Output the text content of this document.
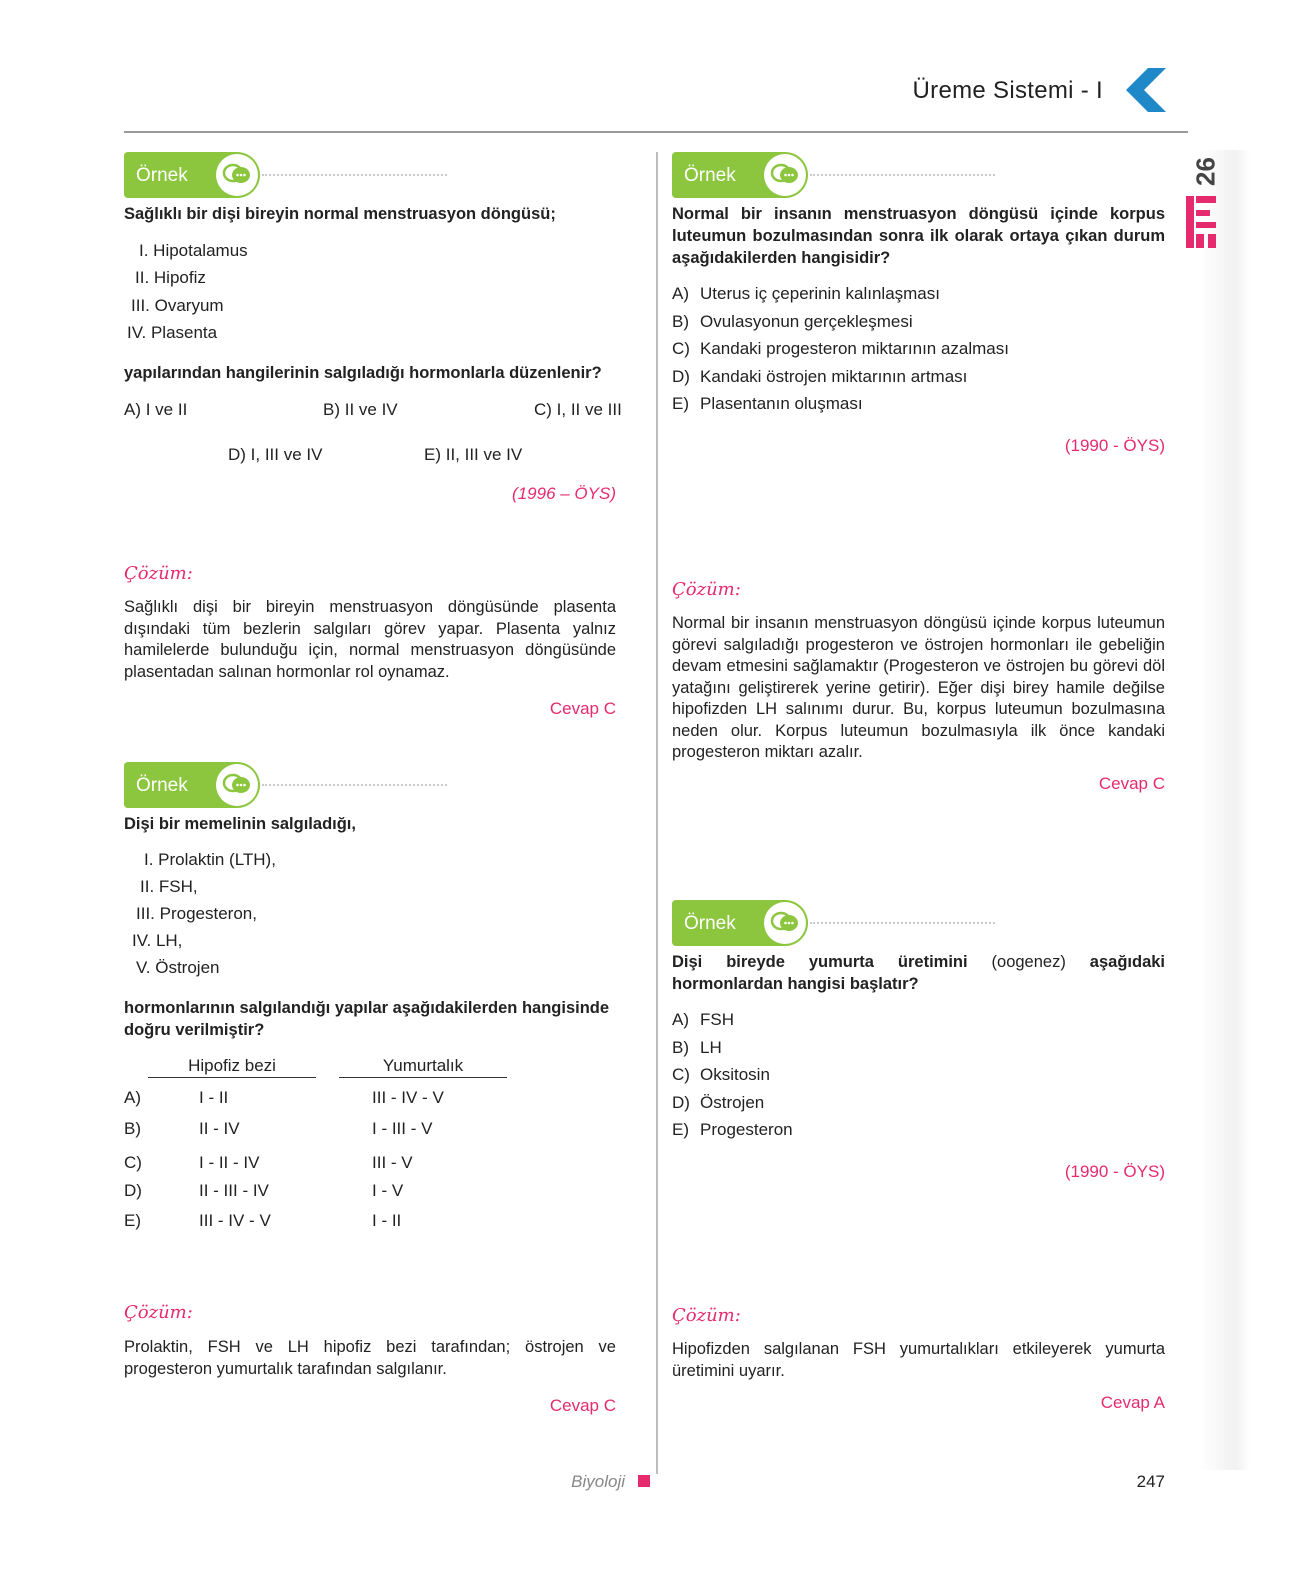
Üreme Sistemi - I
26
Örnek
Sağlıklı bir dişi bireyin normal menstruasyon döngüsü;
I. Hipotalamus
II. Hipofiz
III. Ovaryum
IV. Plasenta
yapılarından hangilerinin salgıladığı hormonlarla düzenlenir?
A) I ve II	B) II ve IV	C) I, II ve III
D) I, III ve IV	E) II, III ve IV
(1996 – ÖYS)
Çözüm:
Sağlıklı dişi bir bireyin menstruasyon döngüsünde plasenta dışındaki tüm bezlerin salgıları görev yapar. Plasenta yalnız hamilelerde bulunduğu için, normal menstruasyon döngüsünde plasentadan salınan hormonlar rol oynamaz.
Cevap C
Örnek
Dişi bir memelinin salgıladığı,
I. Prolaktin (LTH),
II. FSH,
III. Progesteron,
IV. LH,
V. Östrojen
hormonlarının salgılandığı yapılar aşağıdakilerden hangisinde doğru verilmiştir?
Hipofiz bezi	Yumurtalık
A)	I - II	III - IV - V
B)	II - IV	I - III - V
C)	I - II - IV	III - V
D)	II - III - IV	I - V
E)	III - IV - V	I - II
Çözüm:
Prolaktin, FSH ve LH hipofiz bezi tarafından; östrojen ve progesteron yumurtalık tarafından salgılanır.
Cevap C
Örnek
Normal bir insanın menstruasyon döngüsü içinde korpus luteumun bozulmasından sonra ilk olarak ortaya çıkan durum aşağıdakilerden hangisidir?
A) Uterus iç çeperinin kalınlaşması
B) Ovulasyonun gerçekleşmesi
C) Kandaki progesteron miktarının azalması
D) Kandaki östrojen miktarının artması
E) Plasentanın oluşması
(1990 - ÖYS)
Çözüm:
Normal bir insanın menstruasyon döngüsü içinde korpus luteumun görevi salgıladığı progesteron ve östrojen hormonları ile gebeliğin devam etmesini sağlamaktır (Progesteron ve östrojen bu görevi döl yatağını geliştirerek yerine getirir). Eğer dişi birey hamile değilse hipofizden LH salınımı durur. Bu, korpus luteumun bozulmasına neden olur. Korpus luteumun bozulmasıyla ilk önce kandaki progesteron miktarı azalır.
Cevap C
Örnek
Dişi bireyde yumurta üretimini (oogenez) aşağıdaki hormonlardan hangisi başlatır?
A) FSH
B) LH
C) Oksitosin
D) Östrojen
E) Progesteron
(1990 - ÖYS)
Çözüm:
Hipofizden salgılanan FSH yumurtalıkları etkileyerek yumurta üretimini uyarır.
Cevap A
Biyoloji	247
